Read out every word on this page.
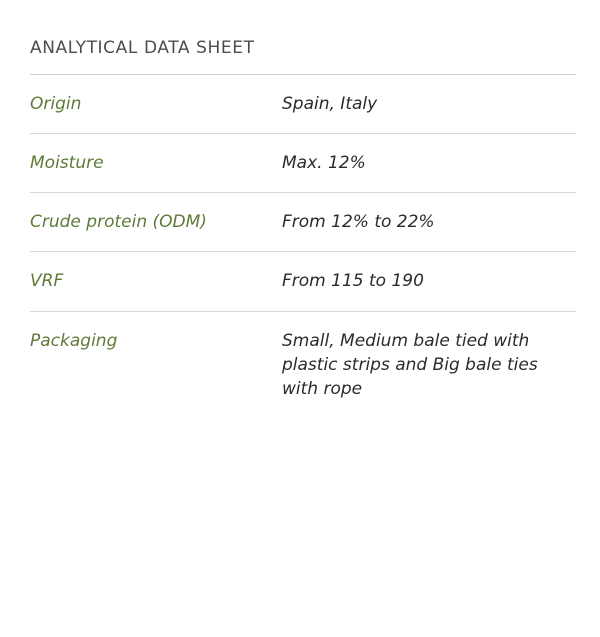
ANALYTICAL DATA SHEET
Origin	Spain, Italy
Moisture	Max. 12%
Crude protein (ODM)	From 12% to 22%
VRF	From 115 to 190
Packaging	Small, Medium bale tied with plastic strips and Big bale ties with rope
